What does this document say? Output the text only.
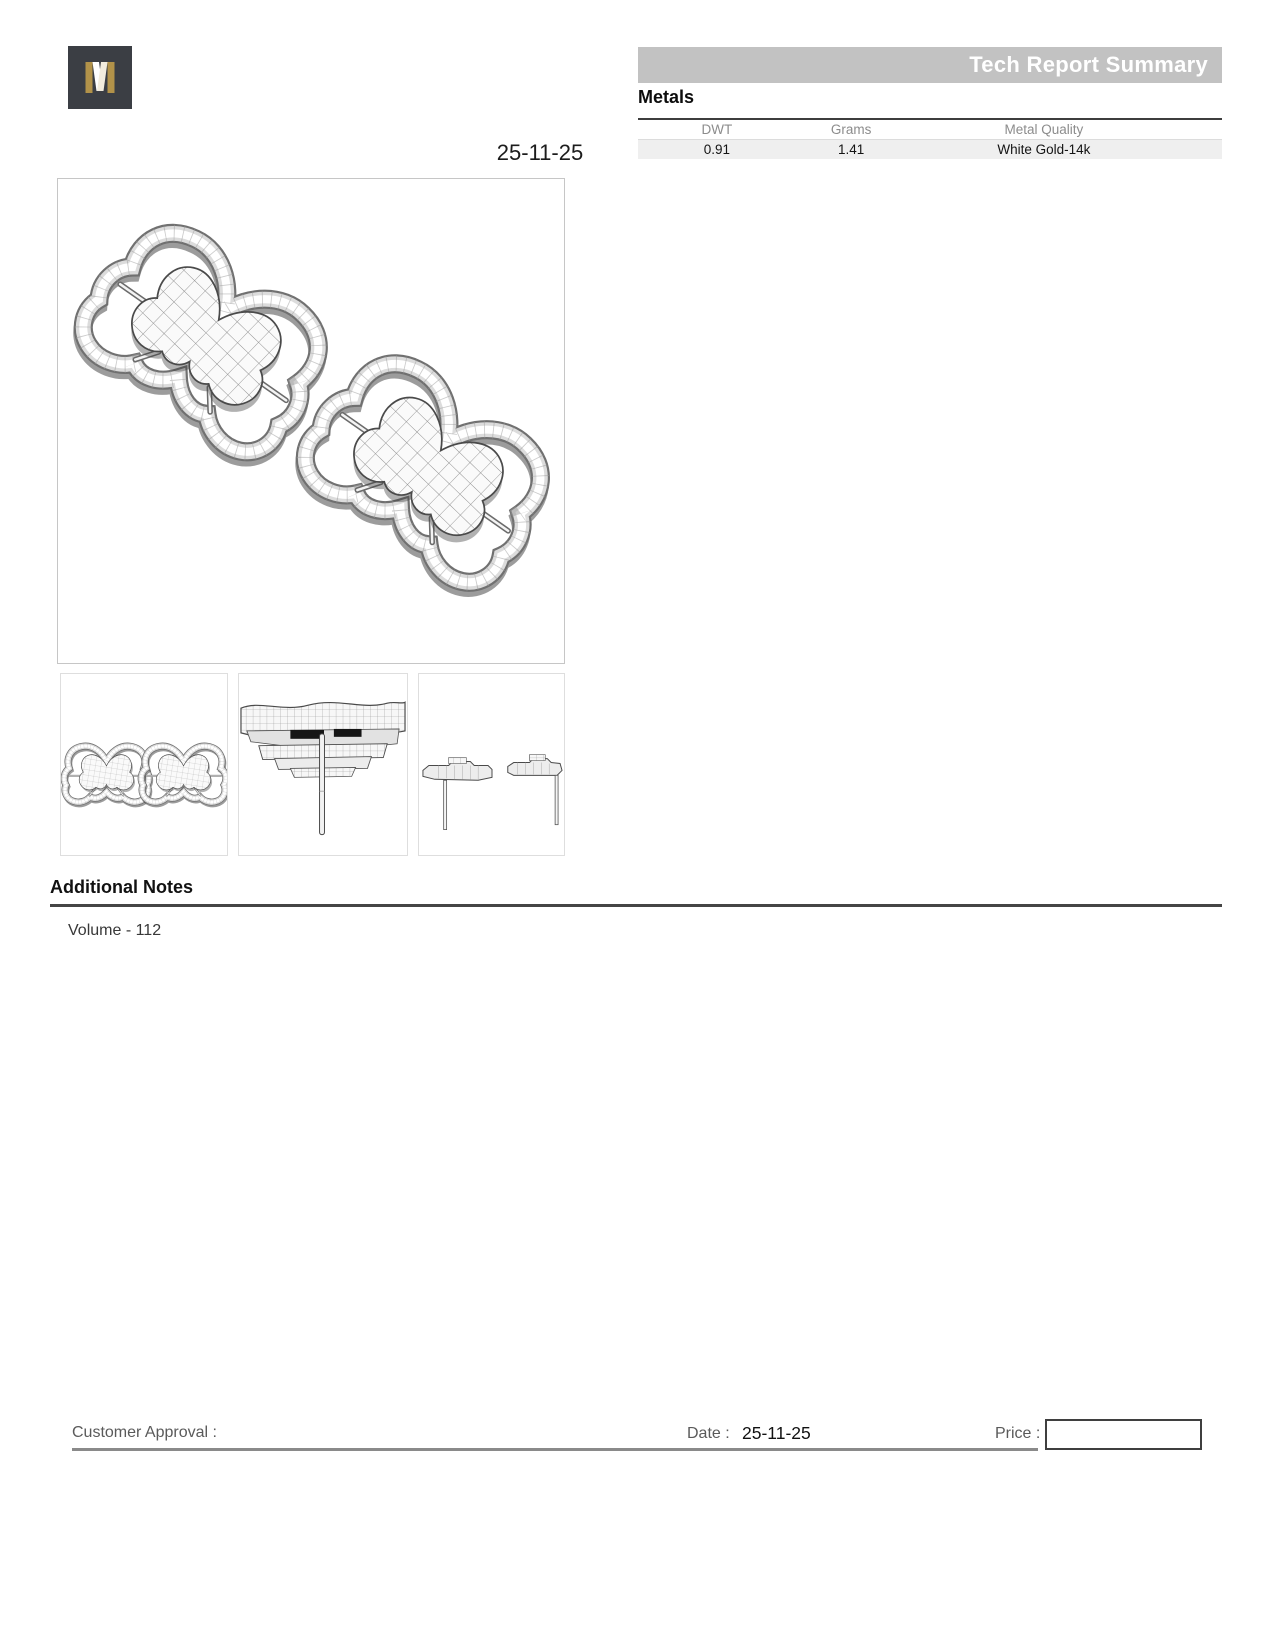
Tech Report Summary
Metals
DWT	Grams	Metal Quality
0.91	1.41	White Gold-14k
25-11-25
Additional Notes
Volume - 112
Customer Approval :	Date : 25-11-25	Price :
